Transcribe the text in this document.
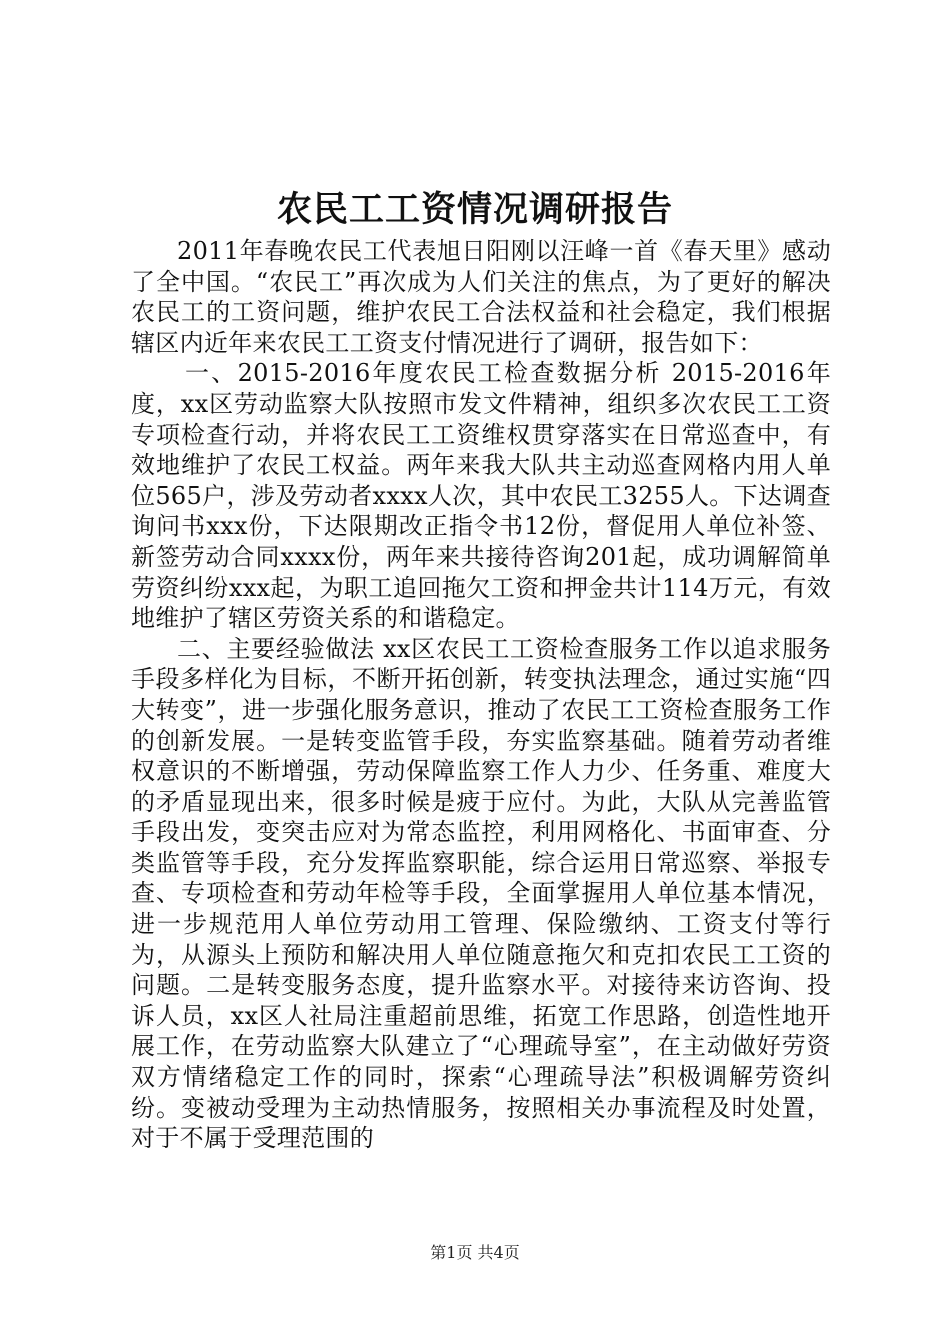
农民工工资情况调研报告

2011年春晚农民工代表旭日阳刚以汪峰一首《春天里》感动了全中国。“农民工”再次成为人们关注的焦点，为了更好的解决农民工的工资问题，维护农民工合法权益和社会稳定，我们根据辖区内近年来农民工工资支付情况进行了调研，报告如下：

一、2015-2016年度农民工检查数据分析 2015-2016年度，xx区劳动监察大队按照市发文件精神，组织多次农民工工资专项检查行动，并将农民工工资维权贯穿落实在日常巡查中，有效地维护了农民工权益。两年来我大队共主动巡查网格内用人单位565户，涉及劳动者xxxx人次，其中农民工3255人。下达调查询问书xxx份，下达限期改正指令书12份，督促用人单位补签、新签劳动合同xxxx份，两年来共接待咨询201起，成功调解简单劳资纠纷xxx起，为职工追回拖欠工资和押金共计114万元，有效地维护了辖区劳资关系的和谐稳定。

二、主要经验做法 xx区农民工工资检查服务工作以追求服务手段多样化为目标，不断开拓创新，转变执法理念，通过实施“四大转变”，进一步强化服务意识，推动了农民工工资检查服务工作的创新发展。一是转变监管手段，夯实监察基础。随着劳动者维权意识的不断增强，劳动保障监察工作人力少、任务重、难度大的矛盾显现出来，很多时候是疲于应付。为此，大队从完善监管手段出发，变突击应对为常态监控，利用网格化、书面审查、分类监管等手段，充分发挥监察职能，综合运用日常巡察、举报专查、专项检查和劳动年检等手段，全面掌握用人单位基本情况，进一步规范用人单位劳动用工管理、保险缴纳、工资支付等行为，从源头上预防和解决用人单位随意拖欠和克扣农民工工资的问题。二是转变服务态度，提升监察水平。对接待来访咨询、投诉人员，xx区人社局注重超前思维，拓宽工作思路，创造性地开展工作，在劳动监察大队建立了“心理疏导室”，在主动做好劳资双方情绪稳定工作的同时，探索“心理疏导法”积极调解劳资纠纷。变被动受理为主动热情服务，按照相关办事流程及时处置，对于不属于受理范围的

第1页 共4页
